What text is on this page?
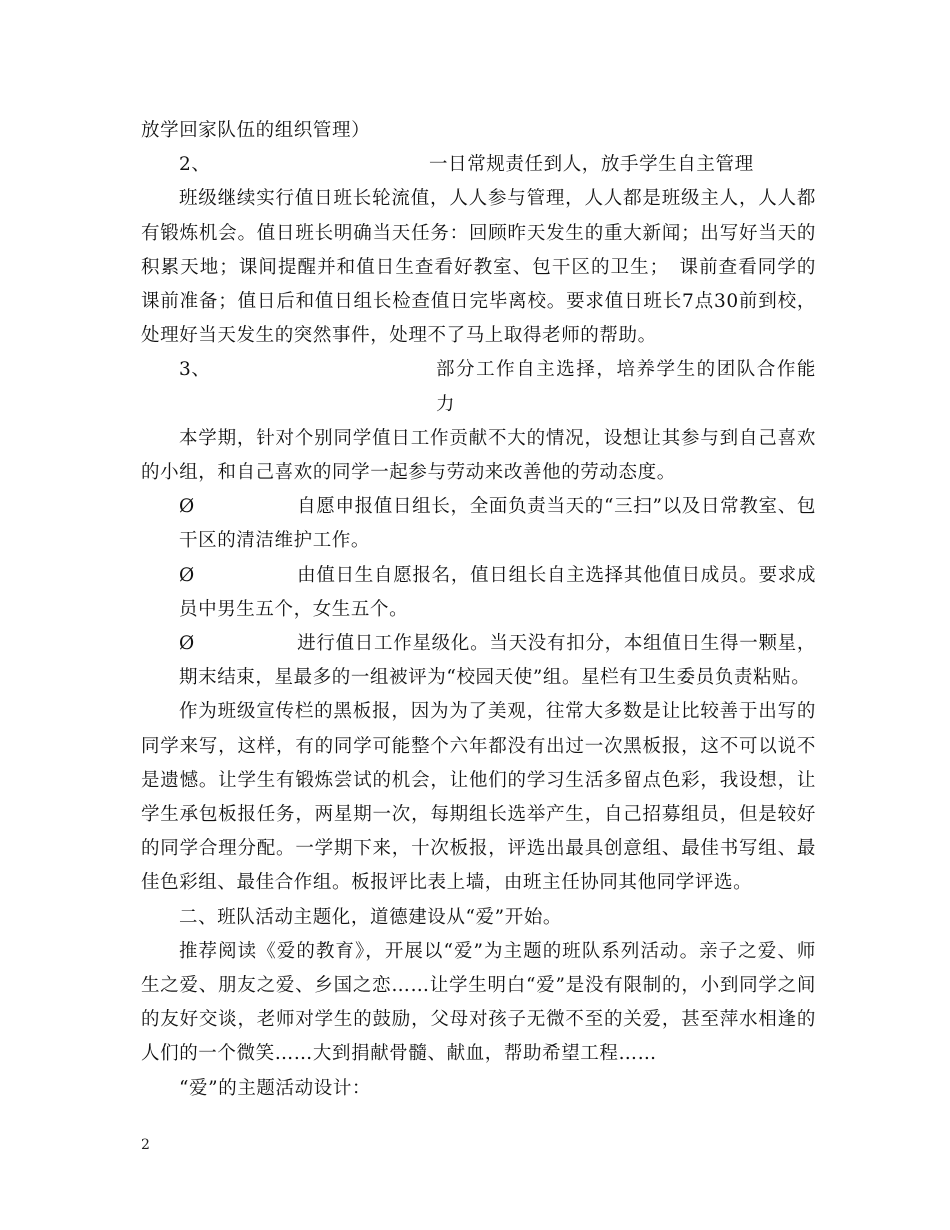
放学回家队伍的组织管理）

2、	一日常规责任到人，放手学生自主管理

班级继续实行值日班长轮流值，人人参与管理，人人都是班级主人，人人都有锻炼机会。值日班长明确当天任务：回顾昨天发生的重大新闻；出写好当天的积累天地；课间提醒并和值日生查看好教室、包干区的卫生；　课前查看同学的课前准备；值日后和值日组长检查值日完毕离校。要求值日班长7点30前到校，处理好当天发生的突然事件，处理不了马上取得老师的帮助。

3、	部分工作自主选择，培养学生的团队合作能力

本学期，针对个别同学值日工作贡献不大的情况，设想让其参与到自己喜欢的小组，和自己喜欢的同学一起参与劳动来改善他的劳动态度。

Ø	自愿申报值日组长，全面负责当天的“三扫”以及日常教室、包干区的清洁维护工作。

Ø	由值日生自愿报名，值日组长自主选择其他值日成员。要求成员中男生五个，女生五个。

Ø	进行值日工作星级化。当天没有扣分，本组值日生得一颗星，期末结束，星最多的一组被评为“校园天使”组。星栏有卫生委员负责粘贴。

作为班级宣传栏的黑板报，因为为了美观，往常大多数是让比较善于出写的同学来写，这样，有的同学可能整个六年都没有出过一次黑板报，这不可以说不是遗憾。让学生有锻炼尝试的机会，让他们的学习生活多留点色彩，我设想，让学生承包板报任务，两星期一次，每期组长选举产生，自己招募组员，但是较好的同学合理分配。一学期下来，十次板报，评选出最具创意组、最佳书写组、最佳色彩组、最佳合作组。板报评比表上墙，由班主任协同其他同学评选。

二、班队活动主题化，道德建设从“爱”开始。

推荐阅读《爱的教育》，开展以“爱”为主题的班队系列活动。亲子之爱、师生之爱、朋友之爱、乡国之恋……让学生明白“爱”是没有限制的，小到同学之间的友好交谈，老师对学生的鼓励，父母对孩子无微不至的关爱，甚至萍水相逢的人们的一个微笑……大到捐献骨髓、献血，帮助希望工程……

“爱”的主题活动设计：

2
